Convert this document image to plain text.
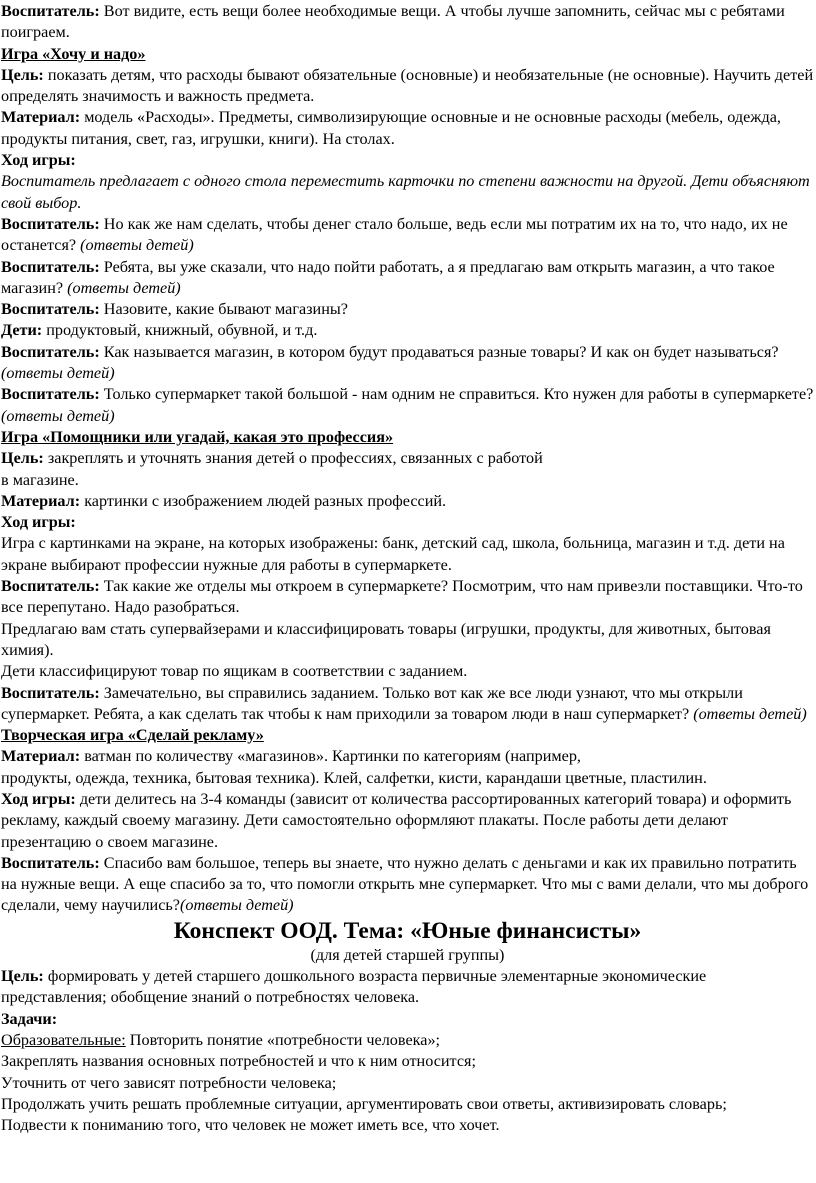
Воспитатель: Вот видите, есть вещи более необходимые вещи. А чтобы лучше запомнить, сейчас мы с ребятами поиграем.

Игра «Хочу и надо»

Цель: показать детям, что расходы бывают обязательные (основные) и необязательные (не основные). Научить детей определять значимость и важность предмета.

Материал: модель «Расходы». Предметы, символизирующие основные и не основные расходы (мебель, одежда, продукты питания, свет, газ, игрушки, книги). На столах.

Ход игры:

Воспитатель предлагает с одного стола переместить карточки по степени важности на другой. Дети объясняют свой выбор.

Воспитатель: Но как же нам сделать, чтобы денег стало больше, ведь если мы потратим их на то, что надо, их не останется? (ответы детей)

Воспитатель: Ребята, вы уже сказали, что надо пойти работать, а я предлагаю вам открыть магазин, а что такое магазин? (ответы детей)

Воспитатель: Назовите, какие бывают магазины?

Дети: продуктовый, книжный, обувной, и т.д.

Воспитатель: Как называется магазин, в котором будут продаваться разные товары? И как он будет называться? (ответы детей)

Воспитатель: Только супермаркет такой большой - нам одним не справиться. Кто нужен для работы в супермаркете? (ответы детей)

Игра «Помощники или угадай, какая это профессия»

Цель: закреплять и уточнять знания детей о профессиях, связанных с работой
в магазине.

Материал: картинки с изображением людей разных профессий.

Ход игры:

Игра с картинками на экране, на которых изображены: банк, детский сад, школа, больница, магазин и т.д. дети на экране выбирают профессии нужные для работы в супермаркете.

Воспитатель: Так какие же отделы мы откроем в супермаркете? Посмотрим, что нам привезли поставщики. Что-то все перепутано. Надо разобраться.

Предлагаю вам стать супервайзерами и классифицировать товары (игрушки, продукты, для животных, бытовая химия).

Дети классифицируют товар по ящикам в соответствии с заданием.

Воспитатель: Замечательно, вы справились заданием. Только вот как же все люди узнают, что мы открыли супермаркет. Ребята, а как сделать так чтобы к нам приходили за товаром люди в наш супермаркет? (ответы детей)

Творческая игра «Сделай рекламу»

Материал: ватман по количеству «магазинов». Картинки по категориям (например,
продукты, одежда, техника, бытовая техника). Клей, салфетки, кисти, карандаши цветные, пластилин.

Ход игры: дети делитесь на 3-4 команды (зависит от количества рассортированных категорий товара) и оформить рекламу, каждый своему магазину. Дети самостоятельно оформляют плакаты. После работы дети делают презентацию о своем магазине.

Воспитатель: Спасибо вам большое, теперь вы знаете, что нужно делать с деньгами и как их правильно потратить на нужные вещи. А еще спасибо за то, что помогли открыть мне супермаркет. Что мы с вами делали, что мы доброго сделали, чему научились?(ответы детей)

Конспект ООД. Тема: «Юные финансисты»

(для детей старшей группы)

Цель: формировать у детей старшего дошкольного возраста первичные элементарные экономические представления; обобщение знаний о потребностях человека.

Задачи:

Образовательные: Повторить понятие «потребности человека»;

Закреплять названия основных потребностей и что к ним относится;

Уточнить от чего зависят потребности человека;

Продолжать учить решать проблемные ситуации, аргументировать свои ответы, активизировать словарь;

Подвести к пониманию того, что человек не может иметь все, что хочет.
